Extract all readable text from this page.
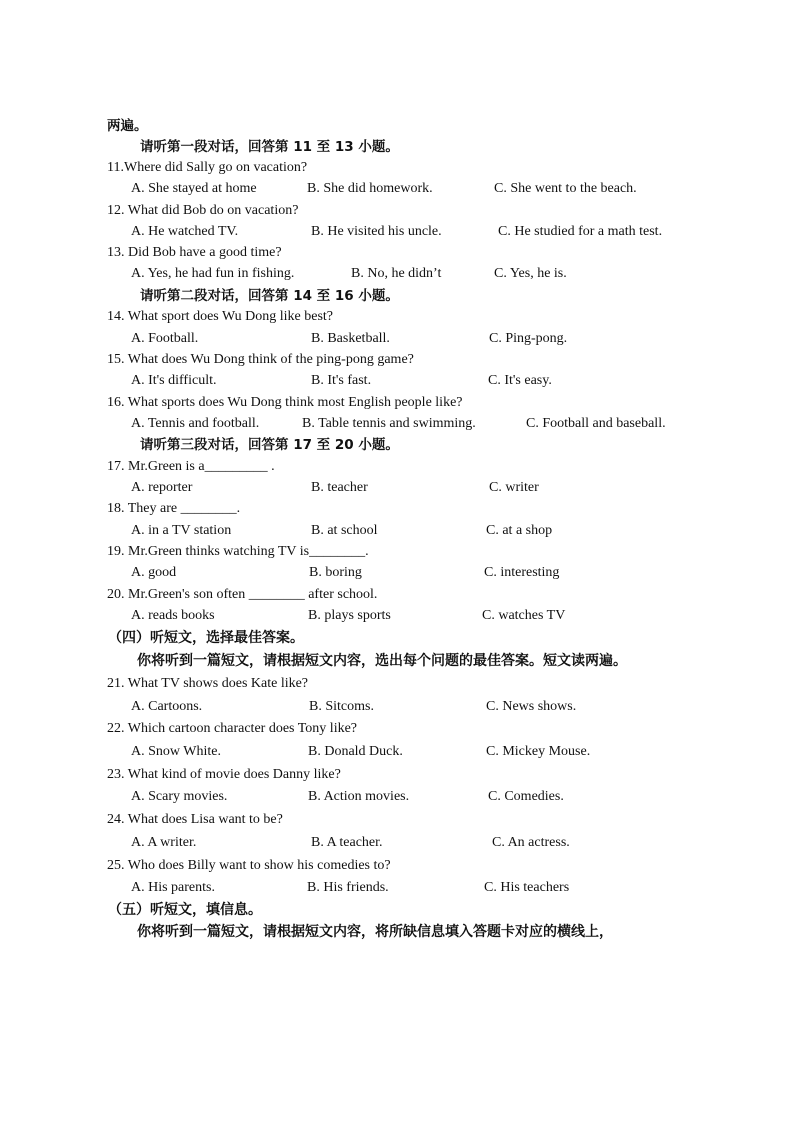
两遍。
请听第一段对话，回答第 11 至 13 小题。
11.Where did Sally go on vacation?
A. She stayed at home	B. She did homework.	C. She went to the beach.
12. What did Bob do on vacation?
A. He watched TV.	B. He visited his uncle.	C. He studied for a math test.
13. Did Bob have a good time?
A. Yes, he had fun in fishing.	B. No, he didn’t	C. Yes, he is.
请听第二段对话，回答第 14 至 16 小题。
14. What sport does Wu Dong like best?
A. Football.	B. Basketball.	C. Ping-pong.
15. What does Wu Dong think of the ping-pong game?
A. It's difficult.	B. It's fast.	C. It's easy.
16. What sports does Wu Dong think most English people like?
A. Tennis and football.	B. Table tennis and swimming.	C. Football and baseball.
请听第三段对话，回答第 17 至 20 小题。
17. Mr.Green is a_________ .
A. reporter	B. teacher	C. writer
18. They are ________.
A. in a TV station	B. at school	C. at a shop
19. Mr.Green thinks watching TV is________.
A. good	B. boring	C. interesting
20. Mr.Green's son often ________ after school.
A. reads books	B. plays sports	C. watches TV
（四）听短文，选择最佳答案。
你将听到一篇短文，请根据短文内容，选出每个问题的最佳答案。短文读两遍。
21. What TV shows does Kate like?
A. Cartoons.	B. Sitcoms.	C. News shows.
22. Which cartoon character does Tony like?
A. Snow White.	B. Donald Duck.	C. Mickey Mouse.
23. What kind of movie does Danny like?
A. Scary movies.	B. Action movies.	C. Comedies.
24. What does Lisa want to be?
A. A writer.	B. A teacher.	C. An actress.
25. Who does Billy want to show his comedies to?
A. His parents.	B. His friends.	C. His teachers
（五）听短文，填信息。
你将听到一篇短文，请根据短文内容，将所缺信息填入答题卡对应的横线上，
